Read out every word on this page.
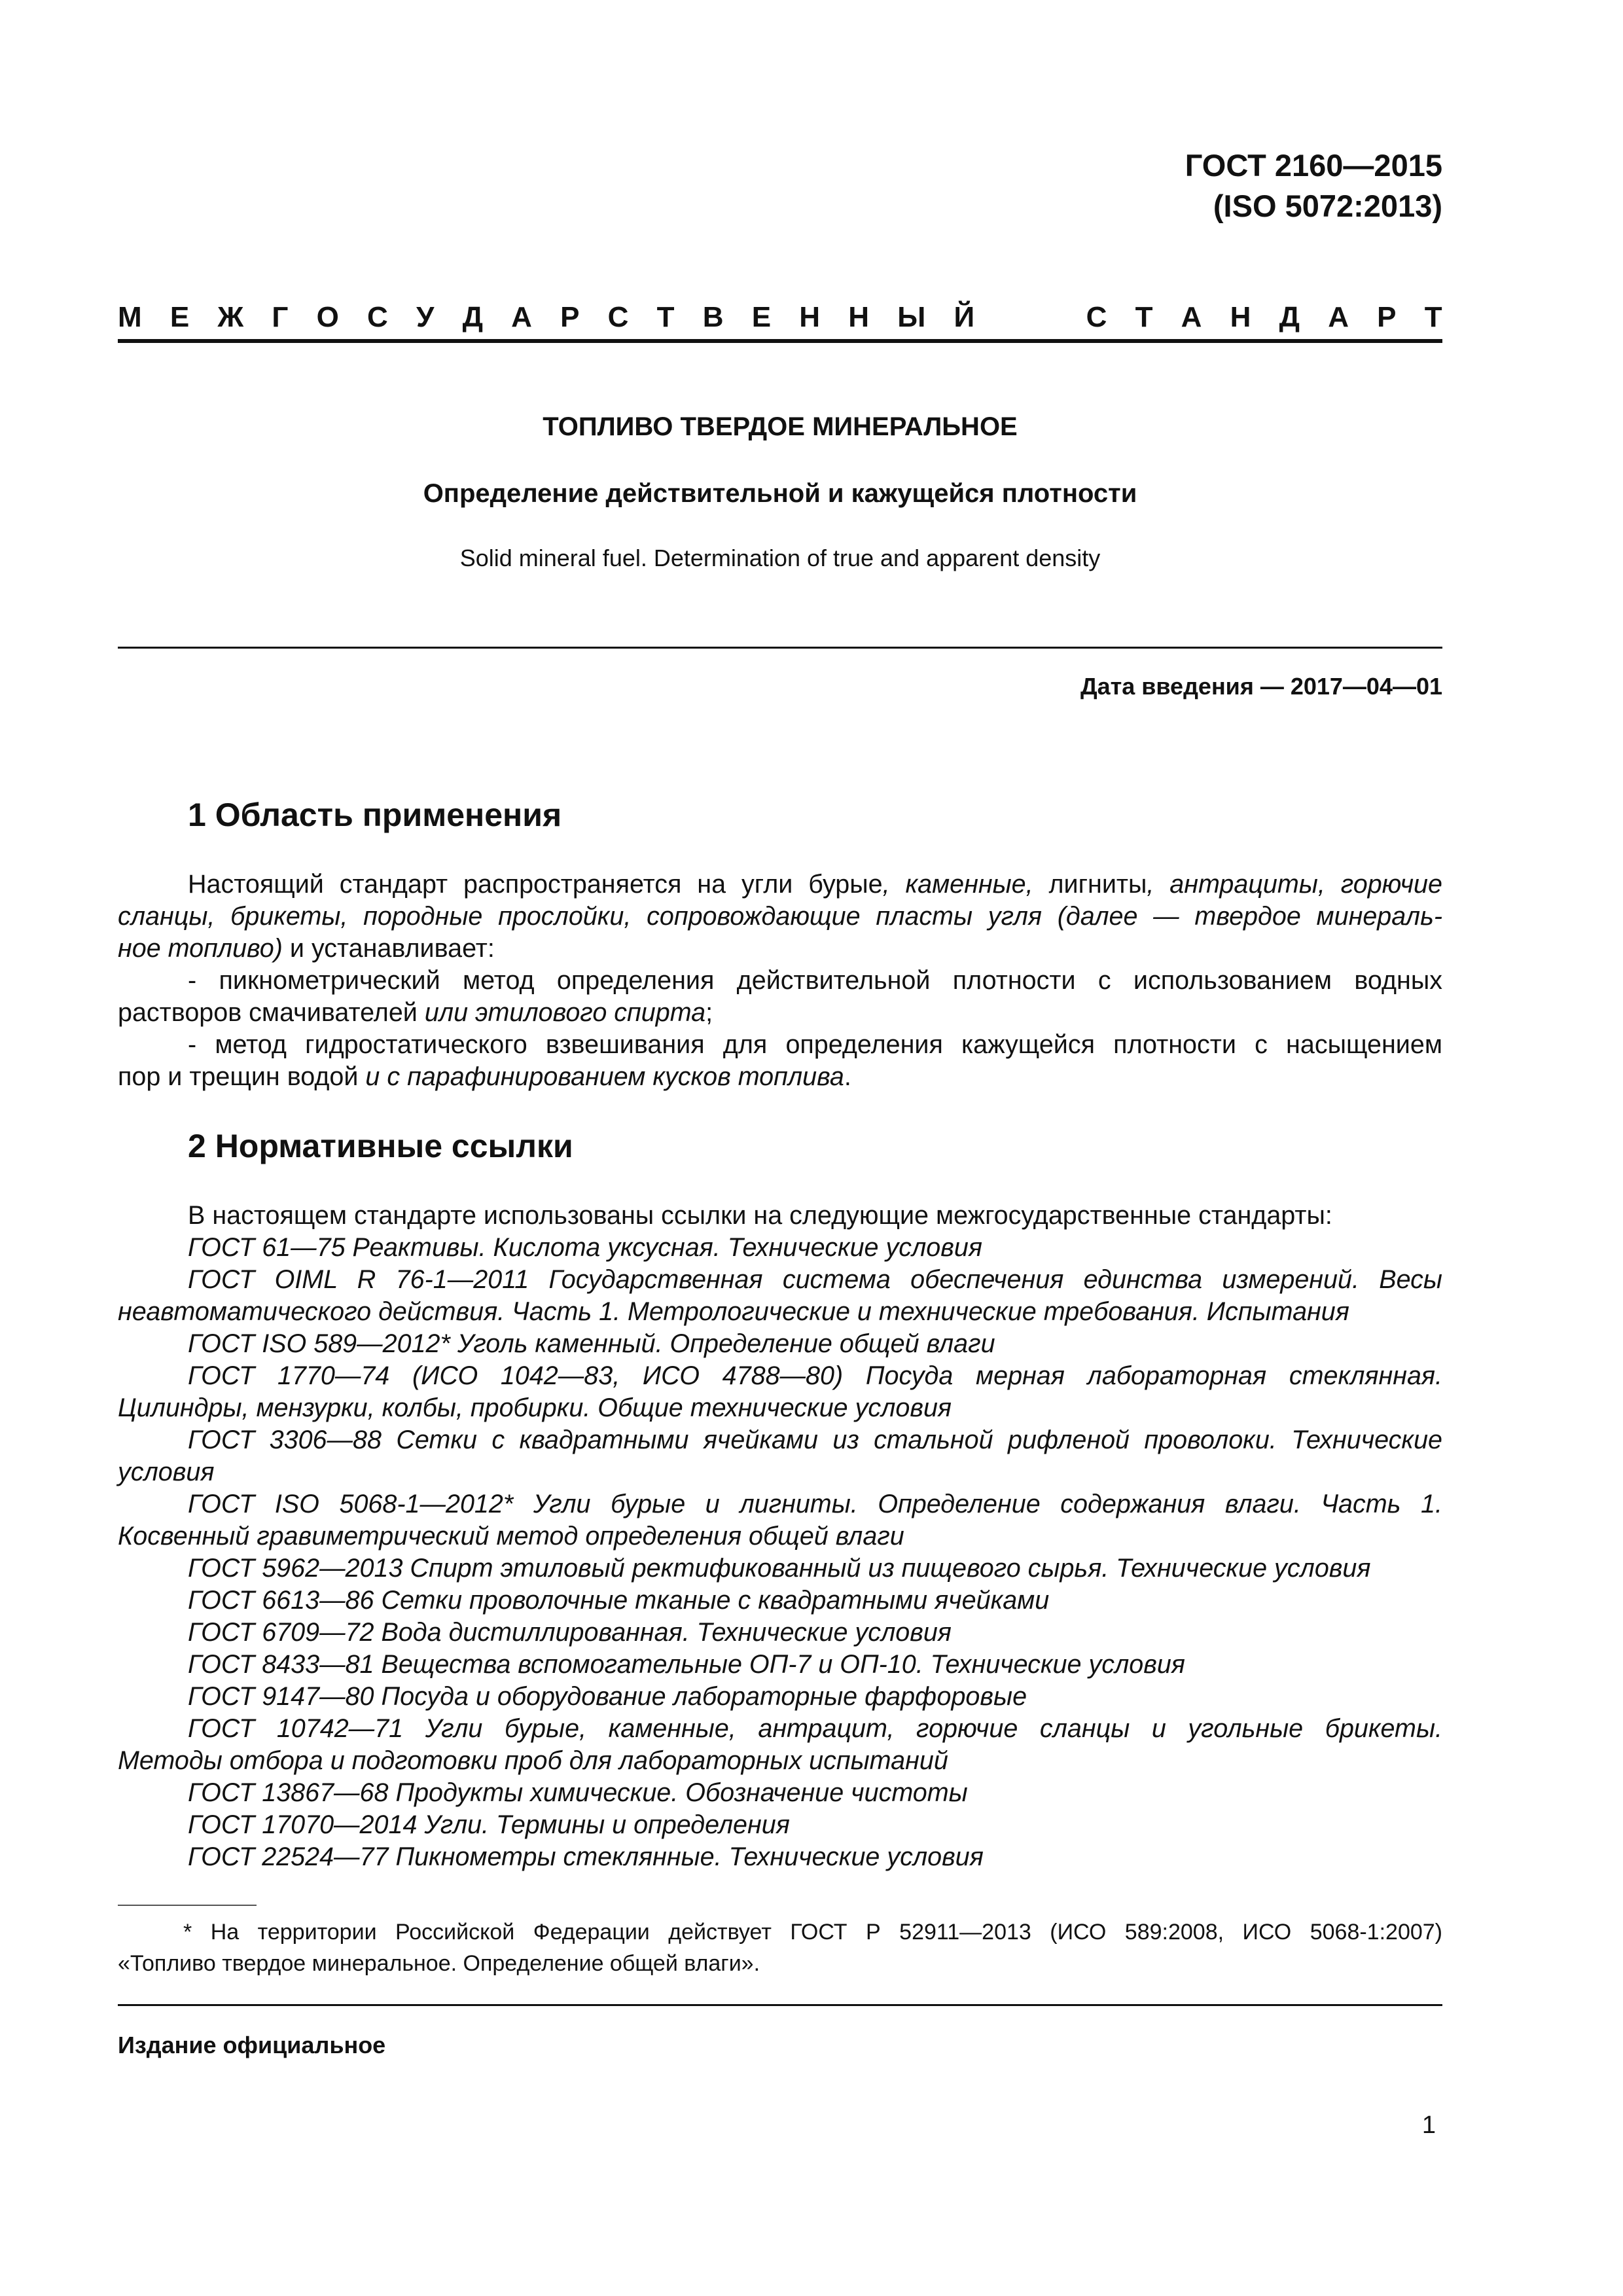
ГОСТ 2160—2015
(ISO 5072:2013)
М Е Ж Г О С У Д А Р С Т В Е Н Н Ы Й	С Т А Н Д А Р Т
ТОПЛИВО ТВЕРДОЕ МИНЕРАЛЬНОЕ
Определение действительной и кажущейся плотности
Solid mineral fuel. Determination of true and apparent density
Дата введения — 2017—04—01
1 Область применения
Настоящий стандарт распространяется на угли бурые, каменные, лигниты, антрациты, горючие
сланцы, брикеты, породные прослойки, сопровождающие пласты угля (далее — твердое минераль-
ное топливо) и устанавливает:
- пикнометрический метод определения действительной плотности с использованием водных
растворов смачивателей или этилового спирта;
- метод гидростатического взвешивания для определения кажущейся плотности с насыщением
пор и трещин водой и с парафинированием кусков топлива.
2 Нормативные ссылки
В настоящем стандарте использованы ссылки на следующие межгосударственные стандарты:
ГОСТ 61—75 Реактивы. Кислота уксусная. Технические условия
ГОСТ OIML R 76-1—2011 Государственная система обеспечения единства измерений. Весы
неавтоматического действия. Часть 1. Метрологические и технические требования. Испытания
ГОСТ ISO 589—2012* Уголь каменный. Определение общей влаги
ГОСТ 1770—74 (ИСО 1042—83, ИСО 4788—80) Посуда мерная лабораторная стеклянная.
Цилиндры, мензурки, колбы, пробирки. Общие технические условия
ГОСТ 3306—88 Сетки с квадратными ячейками из стальной рифленой проволоки. Технические
условия
ГОСТ ISO 5068-1—2012* Угли бурые и лигниты. Определение содержания влаги. Часть 1.
Косвенный гравиметрический метод определения общей влаги
ГОСТ 5962—2013 Спирт этиловый ректификованный из пищевого сырья. Технические условия
ГОСТ 6613—86 Сетки проволочные тканые с квадратными ячейками
ГОСТ 6709—72 Вода дистиллированная. Технические условия
ГОСТ 8433—81 Вещества вспомогательные ОП-7 и ОП-10. Технические условия
ГОСТ 9147—80 Посуда и оборудование лабораторные фарфоровые
ГОСТ 10742—71 Угли бурые, каменные, антрацит, горючие сланцы и угольные брикеты.
Методы отбора и подготовки проб для лабораторных испытаний
ГОСТ 13867—68 Продукты химические. Обозначение чистоты
ГОСТ 17070—2014 Угли. Термины и определения
ГОСТ 22524—77 Пикнометры стеклянные. Технические условия
* На территории Российской Федерации действует ГОСТ Р 52911—2013 (ИСО 589:2008, ИСО 5068-1:2007)
«Топливо твердое минеральное. Определение общей влаги».
Издание официальное
1
